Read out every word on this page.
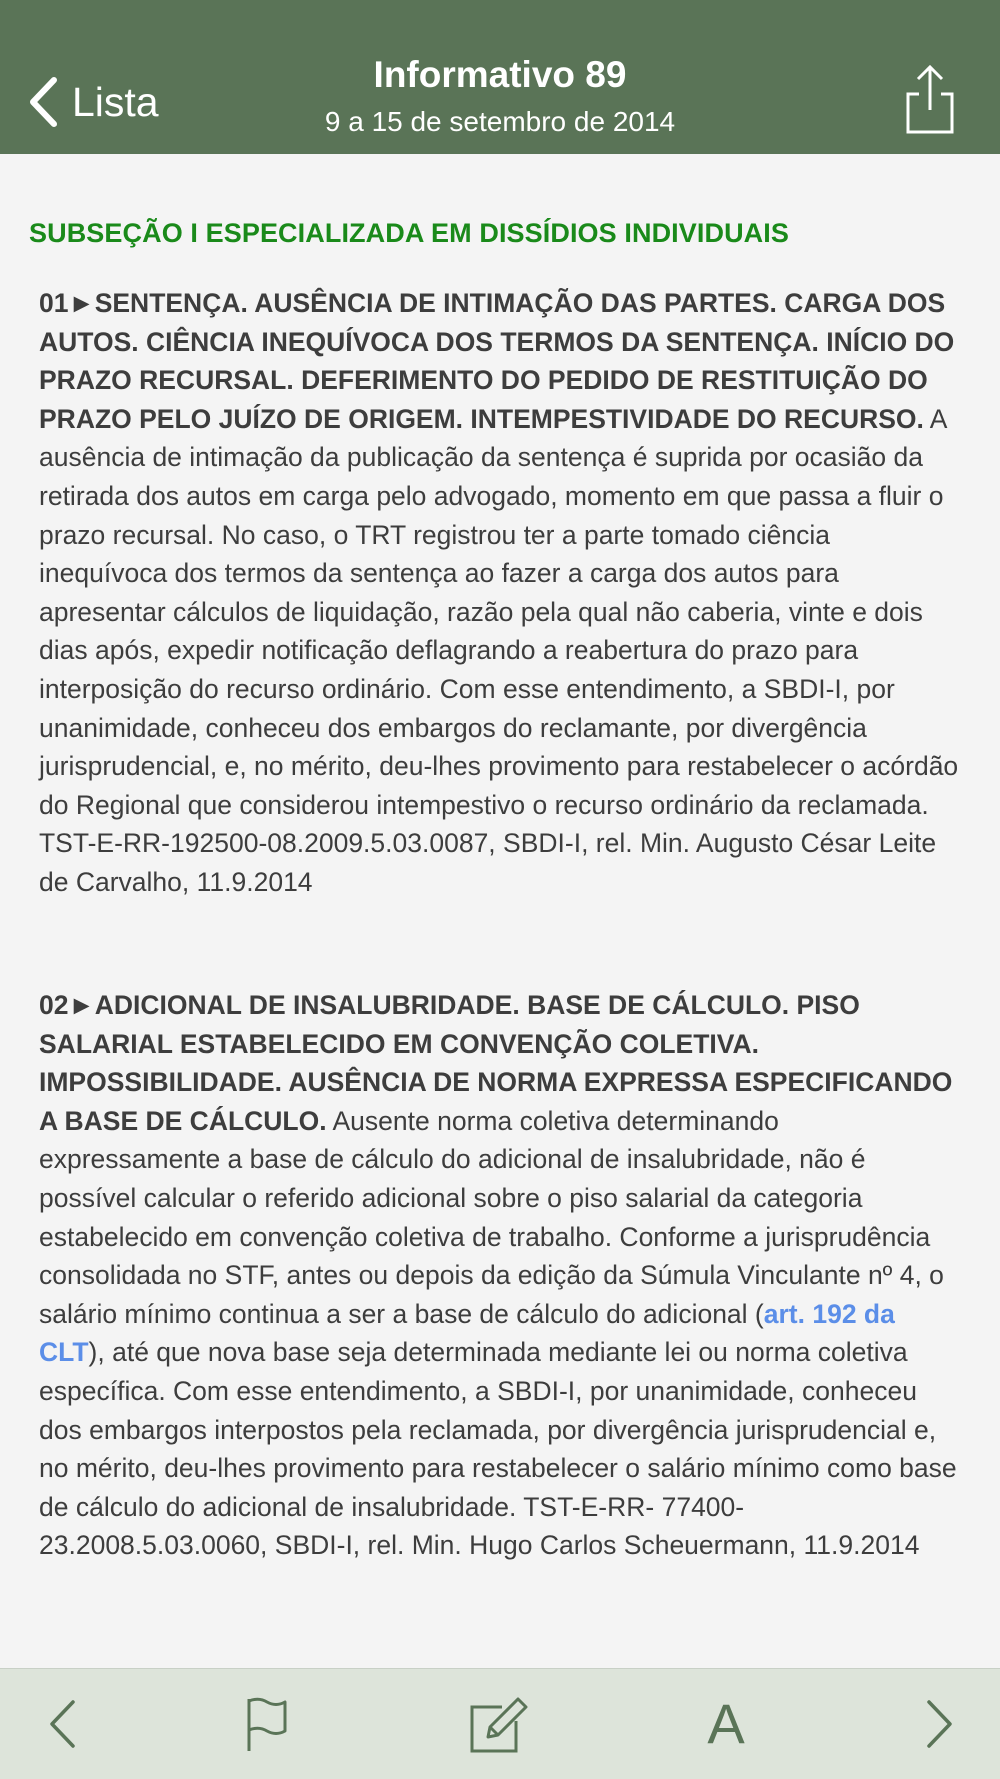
Lista
Informativo 89
9 a 15 de setembro de 2014
SUBSEÇÃO I ESPECIALIZADA EM DISSÍDIOS INDIVIDUAIS
01►SENTENÇA. AUSÊNCIA DE INTIMAÇÃO DAS PARTES. CARGA DOS AUTOS. CIÊNCIA INEQUÍVOCA DOS TERMOS DA SENTENÇA. INÍCIO DO PRAZO RECURSAL. DEFERIMENTO DO PEDIDO DE RESTITUIÇÃO DO PRAZO PELO JUÍZO DE ORIGEM. INTEMPESTIVIDADE DO RECURSO. A ausência de intimação da publicação da sentença é suprida por ocasião da retirada dos autos em carga pelo advogado, momento em que passa a fluir o prazo recursal. No caso, o TRT registrou ter a parte tomado ciência inequívoca dos termos da sentença ao fazer a carga dos autos para apresentar cálculos de liquidação, razão pela qual não caberia, vinte e dois dias após, expedir notificação deflagrando a reabertura do prazo para interposição do recurso ordinário. Com esse entendimento, a SBDI-I, por unanimidade, conheceu dos embargos do reclamante, por divergência jurisprudencial, e, no mérito, deu-lhes provimento para restabelecer o acórdão do Regional que considerou intempestivo o recurso ordinário da reclamada. TST-E-RR-192500-08.2009.5.03.0087, SBDI-I, rel. Min. Augusto César Leite de Carvalho, 11.9.2014
02►ADICIONAL DE INSALUBRIDADE. BASE DE CÁLCULO. PISO SALARIAL ESTABELECIDO EM CONVENÇÃO COLETIVA. IMPOSSIBILIDADE. AUSÊNCIA DE NORMA EXPRESSA ESPECIFICANDO A BASE DE CÁLCULO. Ausente norma coletiva determinando expressamente a base de cálculo do adicional de insalubridade, não é possível calcular o referido adicional sobre o piso salarial da categoria estabelecido em convenção coletiva de trabalho. Conforme a jurisprudência consolidada no STF, antes ou depois da edição da Súmula Vinculante nº 4, o salário mínimo continua a ser a base de cálculo do adicional (art. 192 da CLT), até que nova base seja determinada mediante lei ou norma coletiva específica. Com esse entendimento, a SBDI-I, por unanimidade, conheceu dos embargos interpostos pela reclamada, por divergência jurisprudencial e, no mérito, deu-lhes provimento para restabelecer o salário mínimo como base de cálculo do adicional de insalubridade. TST-E-RR- 77400-23.2008.5.03.0060, SBDI-I, rel. Min. Hugo Carlos Scheuermann, 11.9.2014
A
